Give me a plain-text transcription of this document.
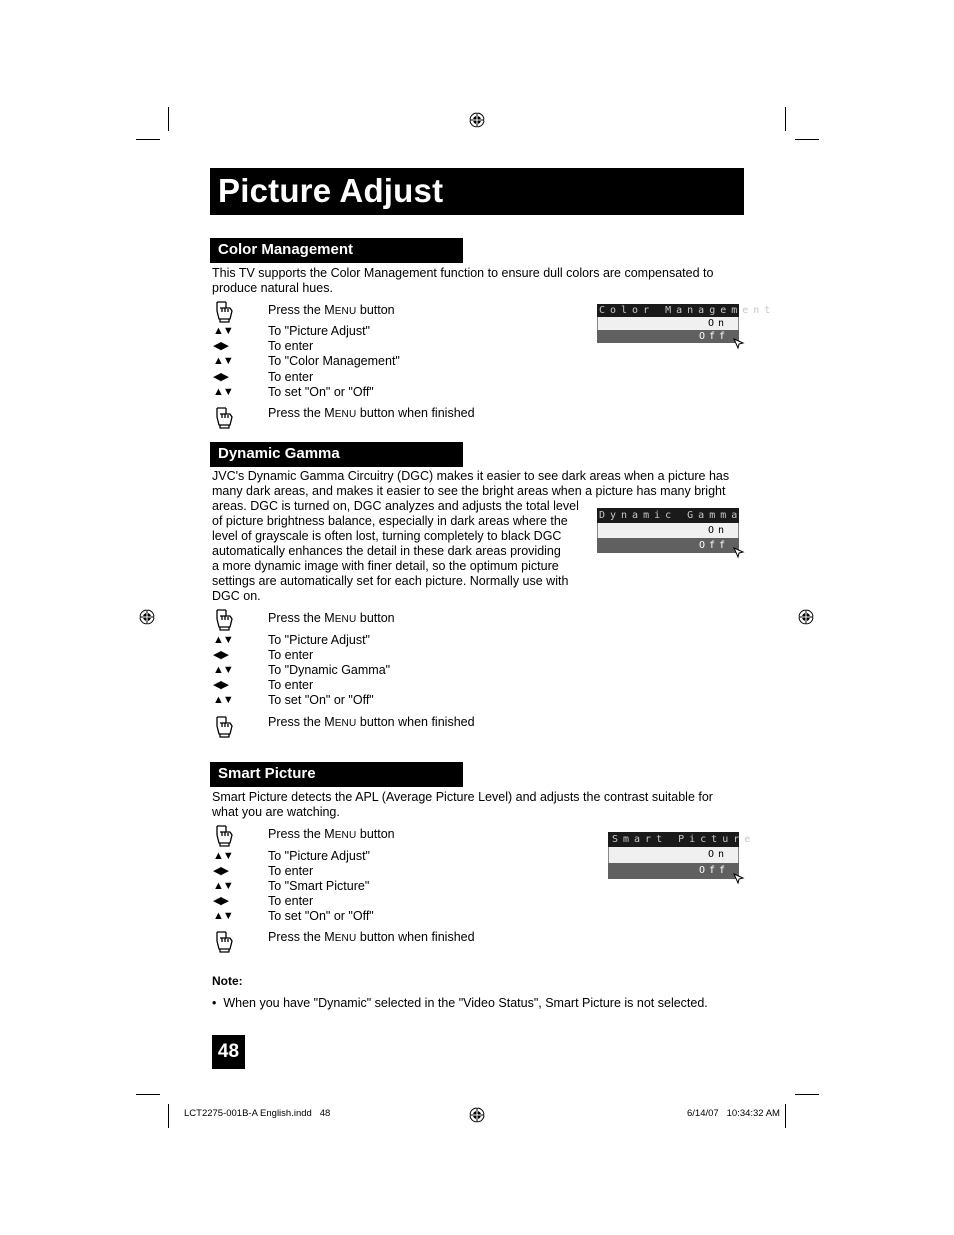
Picture Adjust
Color Management
This TV supports the Color Management function to ensure dull colors are compensated to
produce natural hues.
Press the MENU button
▲▼	To "Picture Adjust"
◀▶	To enter
▲▼	To "Color Management"
◀▶	To enter
▲▼	To set "On" or "Off"
Press the MENU button when finished
Color Management
On
Off
Dynamic Gamma
JVC's Dynamic Gamma Circuitry (DGC) makes it easier to see dark areas when a picture has
many dark areas, and makes it easier to see the bright areas when a picture has many bright
areas. DGC is turned on, DGC analyzes and adjusts the total level
of picture brightness balance, especially in dark areas where the
level of grayscale is often lost, turning completely to black DGC
automatically enhances the detail in these dark areas providing
a more dynamic image with finer detail, so the optimum picture
settings are automatically set for each picture. Normally use with
DGC on.
Dynamic Gamma
On
Off
Press the MENU button
▲▼	To "Picture Adjust"
◀▶	To enter
▲▼	To "Dynamic Gamma"
◀▶	To enter
▲▼	To set "On" or "Off"
Press the MENU button when finished
Smart Picture
Smart Picture detects the APL (Average Picture Level) and adjusts the contrast suitable for
what you are watching.
Press the MENU button
▲▼	To "Picture Adjust"
◀▶	To enter
▲▼	To "Smart Picture"
◀▶	To enter
▲▼	To set "On" or "Off"
Press the MENU button when finished
Smart Picture
On
Off
Note:
• When you have "Dynamic" selected in the "Video Status", Smart Picture is not selected.
48
LCT2275-001B-A English.indd   48	6/14/07   10:34:32 AM
